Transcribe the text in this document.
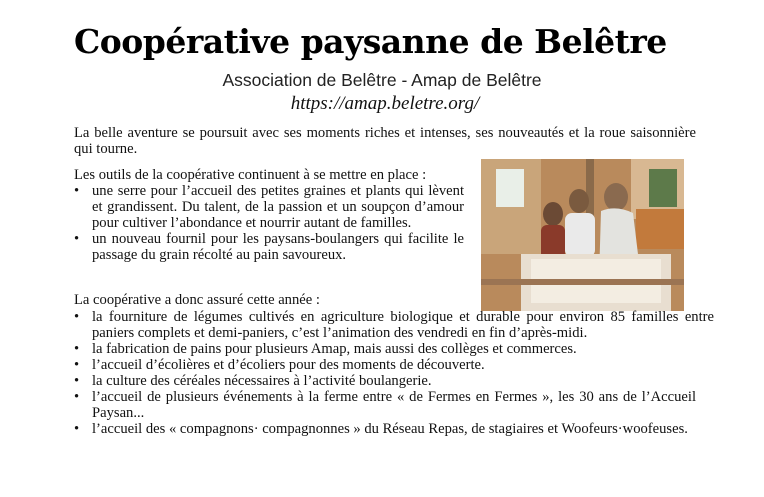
Coopérative paysanne de Belêtre
Association de Belêtre - Amap de Belêtre
https://amap.beletre.org/
La belle aventure se poursuit avec ses moments riches et intenses, ses nouveautés et la roue saisonnière qui tourne.
Les outils de la coopérative continuent à se mettre en place :
• une serre pour l’accueil des petites graines et plants qui lèvent et grandissent. Du talent, de la passion et un soupçon d’amour pour cultiver l’abondance et nourrir autant de familles.
• un nouveau fournil pour les paysans-boulangers qui facilite le passage du grain récolté au pain savoureux.
La coopérative a donc assuré cette année :
• la fourniture de légumes cultivés en agriculture biologique et durable pour environ 85 familles entre paniers complets et demi-paniers, c’est l’animation des vendredi en fin d’après-midi.
• la fabrication de pains pour plusieurs Amap, mais aussi des collèges et commerces.
• l’accueil d’écolières et d’écoliers pour des moments de découverte.
• la culture des céréales nécessaires à l’activité boulangerie.
• l’accueil de plusieurs événements à la ferme entre « de Fermes en Fermes », les 30 ans de l’Accueil Paysan...
• l’accueil des « compagnons· compagnonnes » du Réseau Repas, de stagiaires et Woofeurs·woofeuses.
